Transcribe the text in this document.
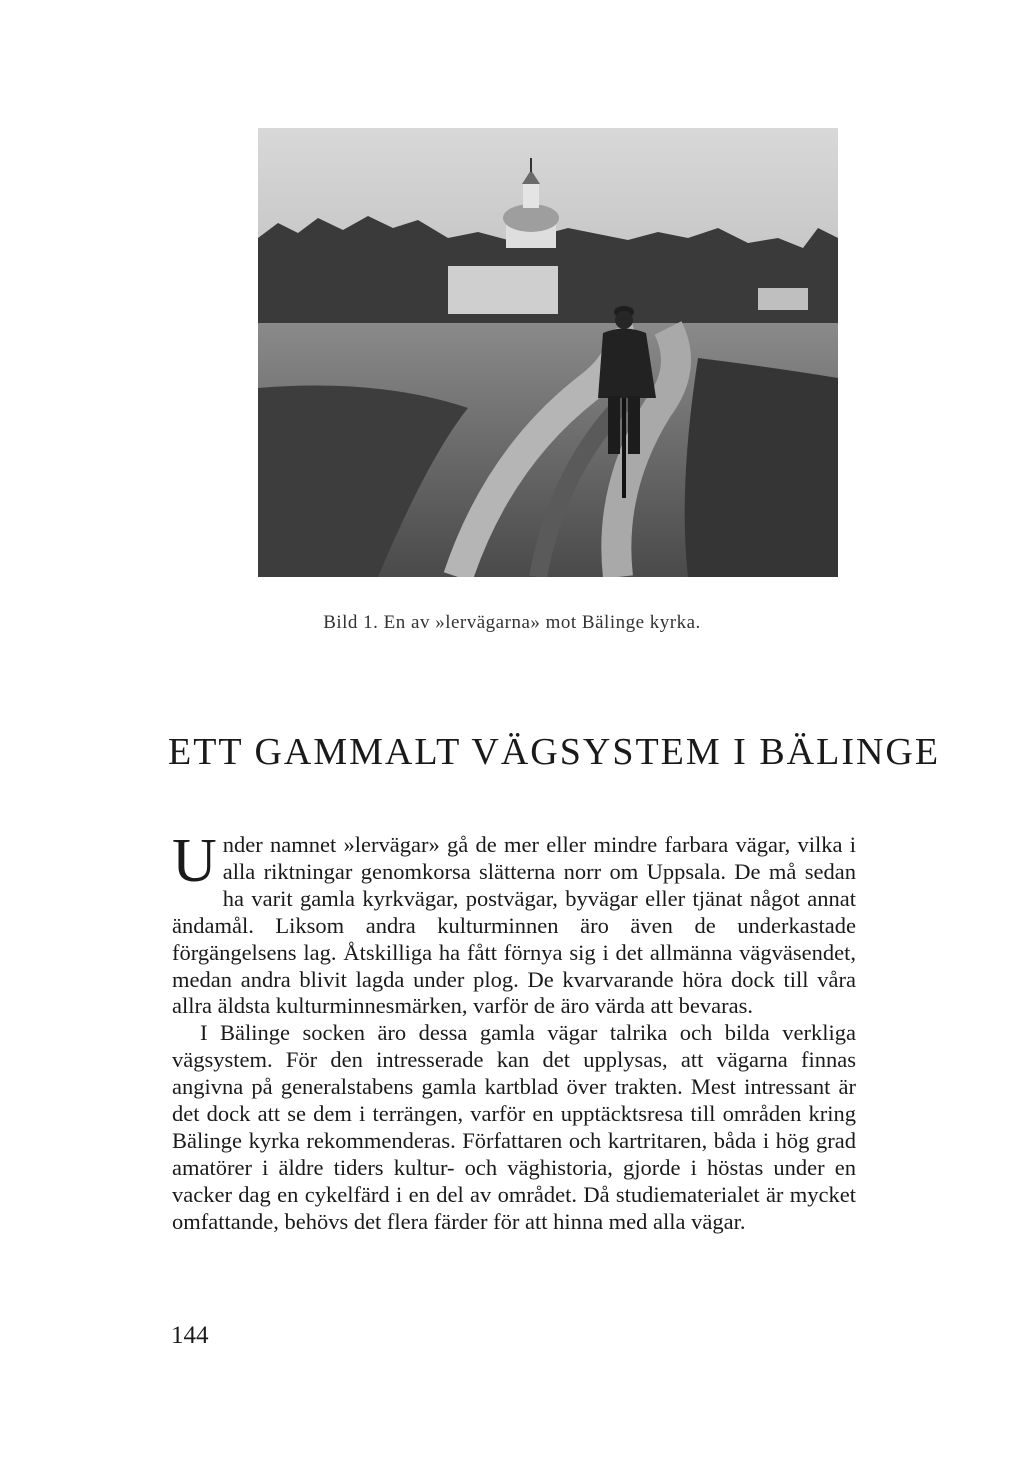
Bild 1. En av »lervägarna» mot Bälinge kyrka.
ETT GAMMALT VÄGSYSTEM I BÄLINGE

Under namnet »lervägar» gå de mer eller mindre farbara vägar, vilka i alla riktningar genomkorsa slätterna norr om Uppsala. De må sedan ha varit gamla kyrkvägar, postvägar, byvägar eller tjänat något annat ändamål. Liksom andra kulturminnen äro även de underkastade förgängelsens lag. Åtskilliga ha fått förnya sig i det allmänna vägväsendet, medan andra blivit lagda under plog. De kvarvarande höra dock till våra allra äldsta kulturminnesmärken, varför de äro värda att bevaras.

I Bälinge socken äro dessa gamla vägar talrika och bilda verkliga vägsystem. För den intresserade kan det upplysas, att vägarna finnas angivna på generalstabens gamla kartblad över trakten. Mest intressant är det dock att se dem i terrängen, varför en upptäcktsresa till områden kring Bälinge kyrka rekommenderas. Författaren och kartritaren, båda i hög grad amatörer i äldre tiders kultur- och väghistoria, gjorde i höstas under en vacker dag en cykelfärd i en del av området. Då studiematerialet är mycket omfattande, behövs det flera färder för att hinna med alla vägar.

144
